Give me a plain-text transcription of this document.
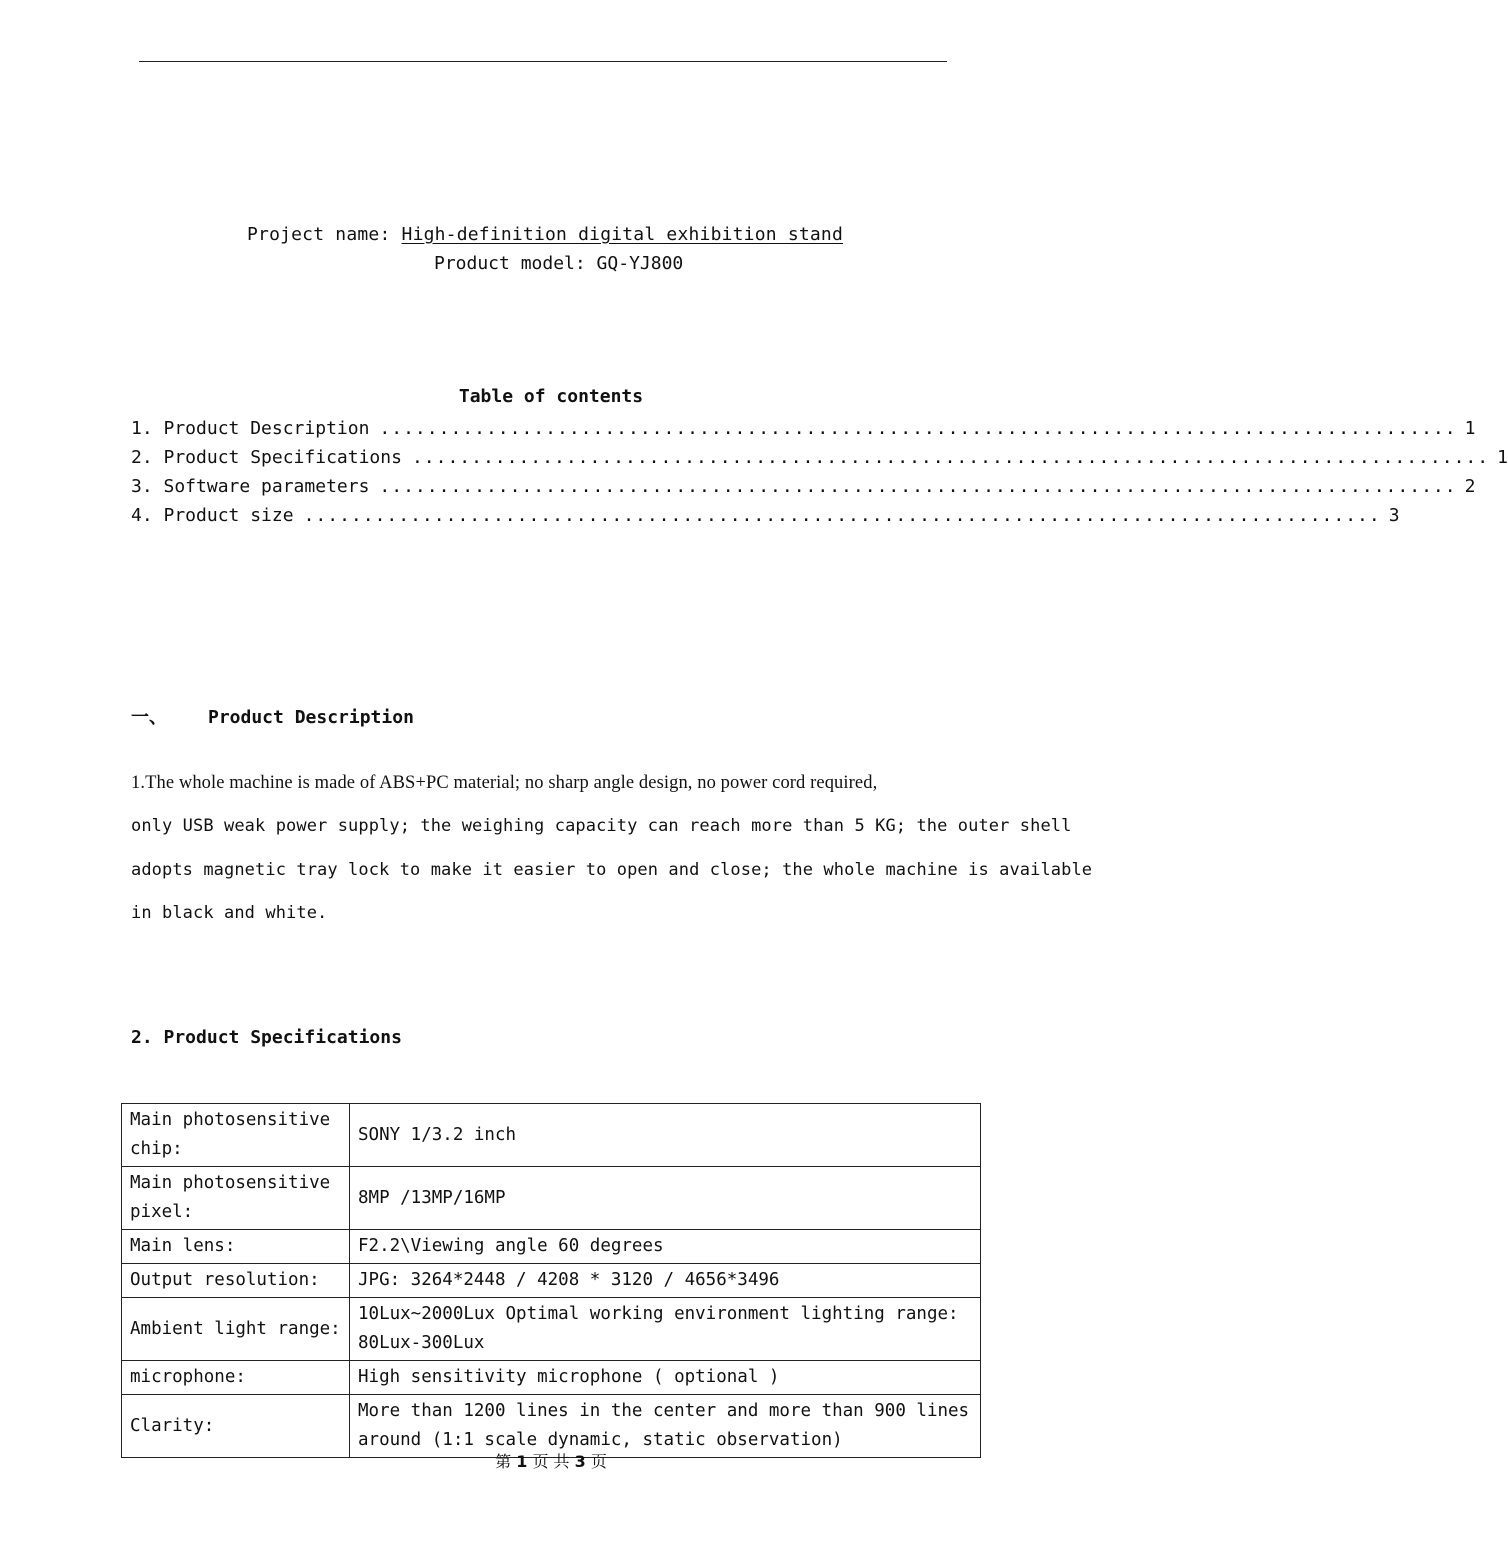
Project name: High-definition digital exhibition stand
Product model: GQ-YJ800
Table of contents
1. Product Description ........................................................................................... 1
2. Product Specifications ........................................................................................... 1
3. Software parameters ........................................................................................... 2
4. Product size ........................................................................................... 3
一、 Product Description
1.The whole machine is made of ABS+PC material; no sharp angle design, no power cord required,
only USB weak power supply; the weighing capacity can reach more than 5 KG; the outer shell
adopts magnetic tray lock to make it easier to open and close; the whole machine is available
in black and white.
2. Product Specifications
Main photosensitive chip:	SONY 1/3.2 inch
Main photosensitive pixel:	8MP /13MP/16MP
Main lens:	F2.2\Viewing angle 60 degrees
Output resolution:	JPG: 3264*2448 / 4208 * 3120 / 4656*3496
Ambient light range:	10Lux~2000Lux Optimal working environment lighting range: 80Lux-300Lux
microphone:	High sensitivity microphone ( optional )
Clarity:	More than 1200 lines in the center and more than 900 lines around (1:1 scale dynamic, static observation)
第 1 页 共 3 页
